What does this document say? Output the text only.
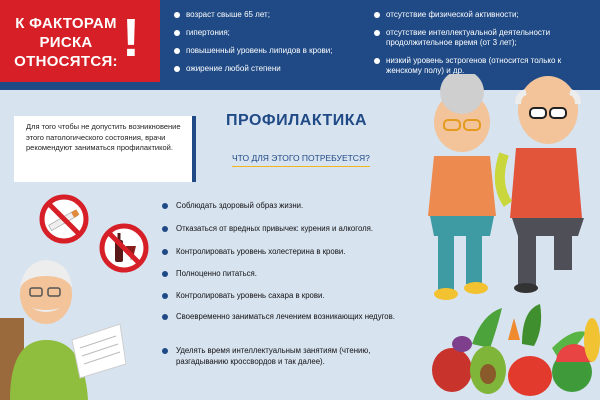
К ФАКТОРАМ РИСКА ОТНОСЯТСЯ: !	возраст свыше 65 лет;
гипертония;
повышенный уровень липидов в крови;
ожирение любой степени
отсутствие физической активности;
отсутствие интеллектуальной деятельности продолжительное время (от 3 лет);
низкий уровень эстрогенов (относится только к женскому полу) и др.

Для того чтобы не допустить возникновение этого патологического состояния, врачи рекомендуют заниматься профилактикой.

ПРОФИЛАКТИКА
ЧТО ДЛЯ ЭТОГО ПОТРЕБУЕТСЯ?
Соблюдать здоровый образ жизни.
Отказаться от вредных привычек: курения и алкоголя.
Контролировать уровень холестерина в крови.
Полноценно питаться.
Контролировать уровень сахара в крови.
Своевременно заниматься лечением возникающих недугов.
Уделять время интеллектуальным занятиям (чтению, разгадыванию кроссвордов и так далее).
